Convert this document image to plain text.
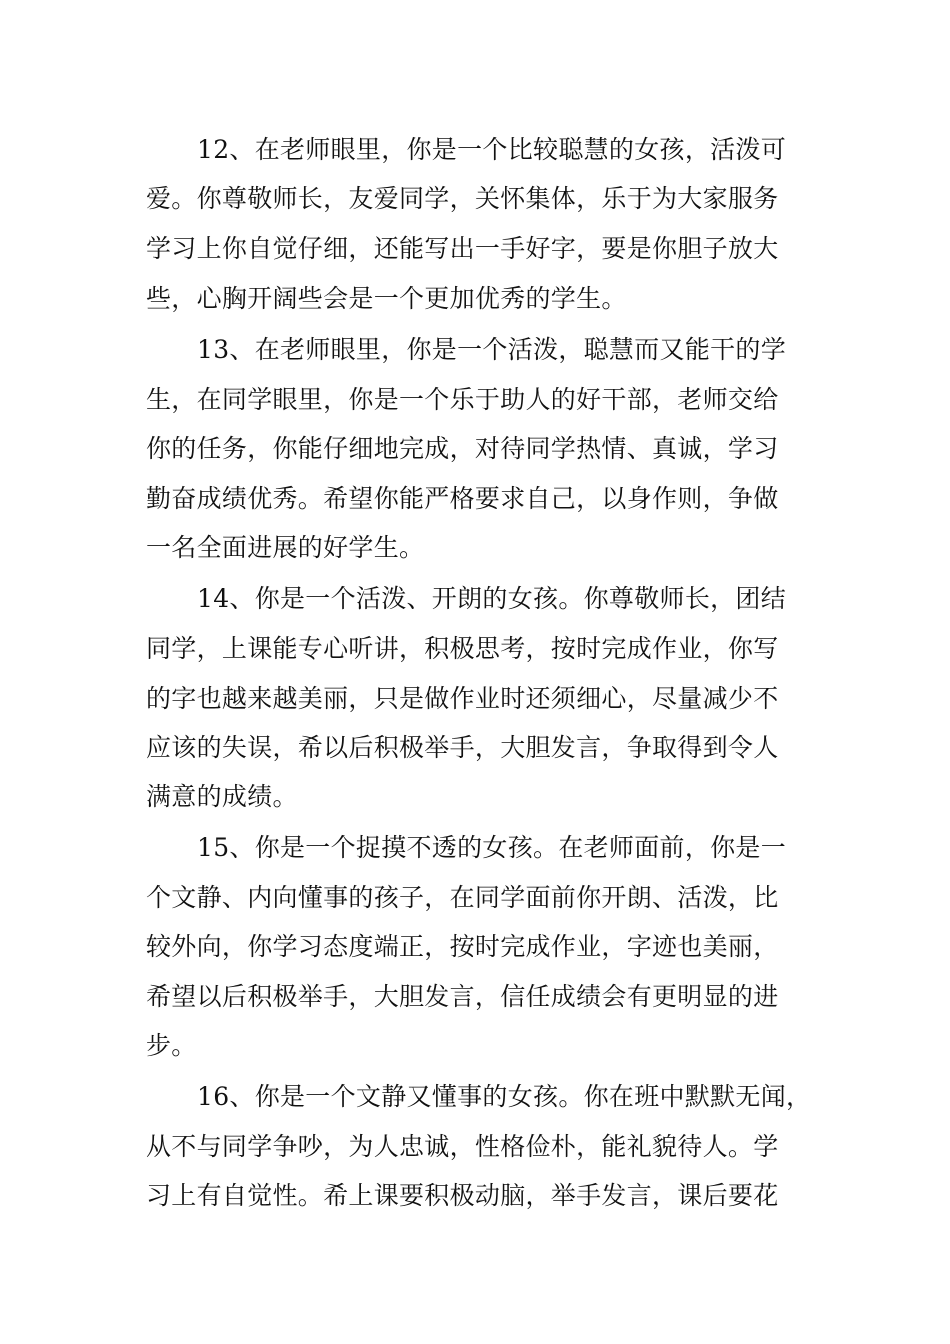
12、在老师眼里，你是一个比较聪慧的女孩，活泼可
爱。你尊敬师长，友爱同学，关怀集体，乐于为大家服务
学习上你自觉仔细，还能写出一手好字，要是你胆子放大
些，心胸开阔些会是一个更加优秀的学生。
13、在老师眼里，你是一个活泼，聪慧而又能干的学
生，在同学眼里，你是一个乐于助人的好干部，老师交给
你的任务，你能仔细地完成，对待同学热情、真诚，学习
勤奋成绩优秀。希望你能严格要求自己，以身作则，争做
一名全面进展的好学生。
14、你是一个活泼、开朗的女孩。你尊敬师长，团结
同学，上课能专心听讲，积极思考，按时完成作业，你写
的字也越来越美丽，只是做作业时还须细心，尽量减少不
应该的失误，希以后积极举手，大胆发言，争取得到令人
满意的成绩。
15、你是一个捉摸不透的女孩。在老师面前，你是一
个文静、内向懂事的孩子，在同学面前你开朗、活泼，比
较外向，你学习态度端正，按时完成作业，字迹也美丽，
希望以后积极举手，大胆发言，信任成绩会有更明显的进
步。
16、你是一个文静又懂事的女孩。你在班中默默无闻，
从不与同学争吵，为人忠诚，性格俭朴，能礼貌待人。学
习上有自觉性。希上课要积极动脑，举手发言，课后要花
